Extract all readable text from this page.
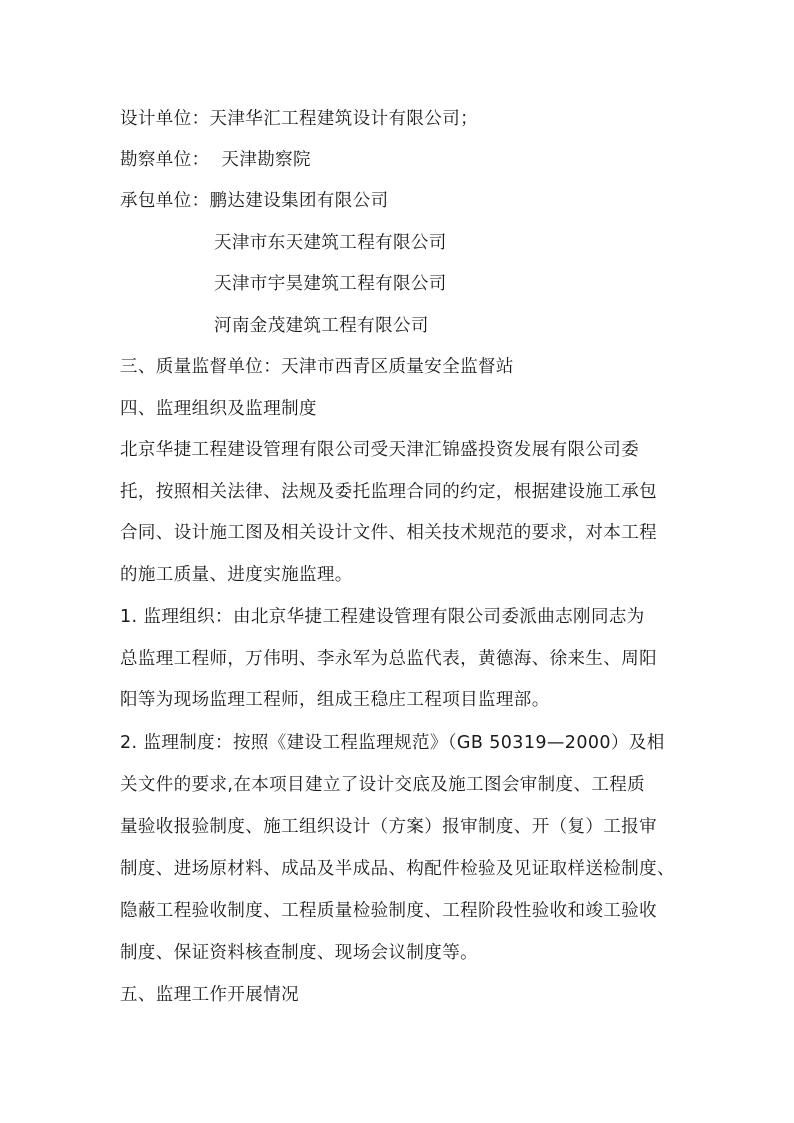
设计单位：天津华汇工程建筑设计有限公司；
勘察单位：  天津勘察院
承包单位：鹏达建设集团有限公司
天津市东天建筑工程有限公司
天津市宇昊建筑工程有限公司
河南金茂建筑工程有限公司
三、质量监督单位：天津市西青区质量安全监督站
四、监理组织及监理制度
北京华捷工程建设管理有限公司受天津汇锦盛投资发展有限公司委
托，按照相关法律、法规及委托监理合同的约定，根据建设施工承包
合同、设计施工图及相关设计文件、相关技术规范的要求，对本工程
的施工质量、进度实施监理。
1. 监理组织：由北京华捷工程建设管理有限公司委派曲志刚同志为
总监理工程师，万伟明、李永军为总监代表，黄德海、徐来生、周阳
阳等为现场监理工程师，组成王稳庄工程项目监理部。
2. 监理制度：按照《建设工程监理规范》（GB 50319—2000）及相
关文件的要求,在本项目建立了设计交底及施工图会审制度、工程质
量验收报验制度、施工组织设计（方案）报审制度、开（复）工报审
制度、进场原材料、成品及半成品、构配件检验及见证取样送检制度、
隐蔽工程验收制度、工程质量检验制度、工程阶段性验收和竣工验收
制度、保证资料核查制度、现场会议制度等。
五、监理工作开展情况
